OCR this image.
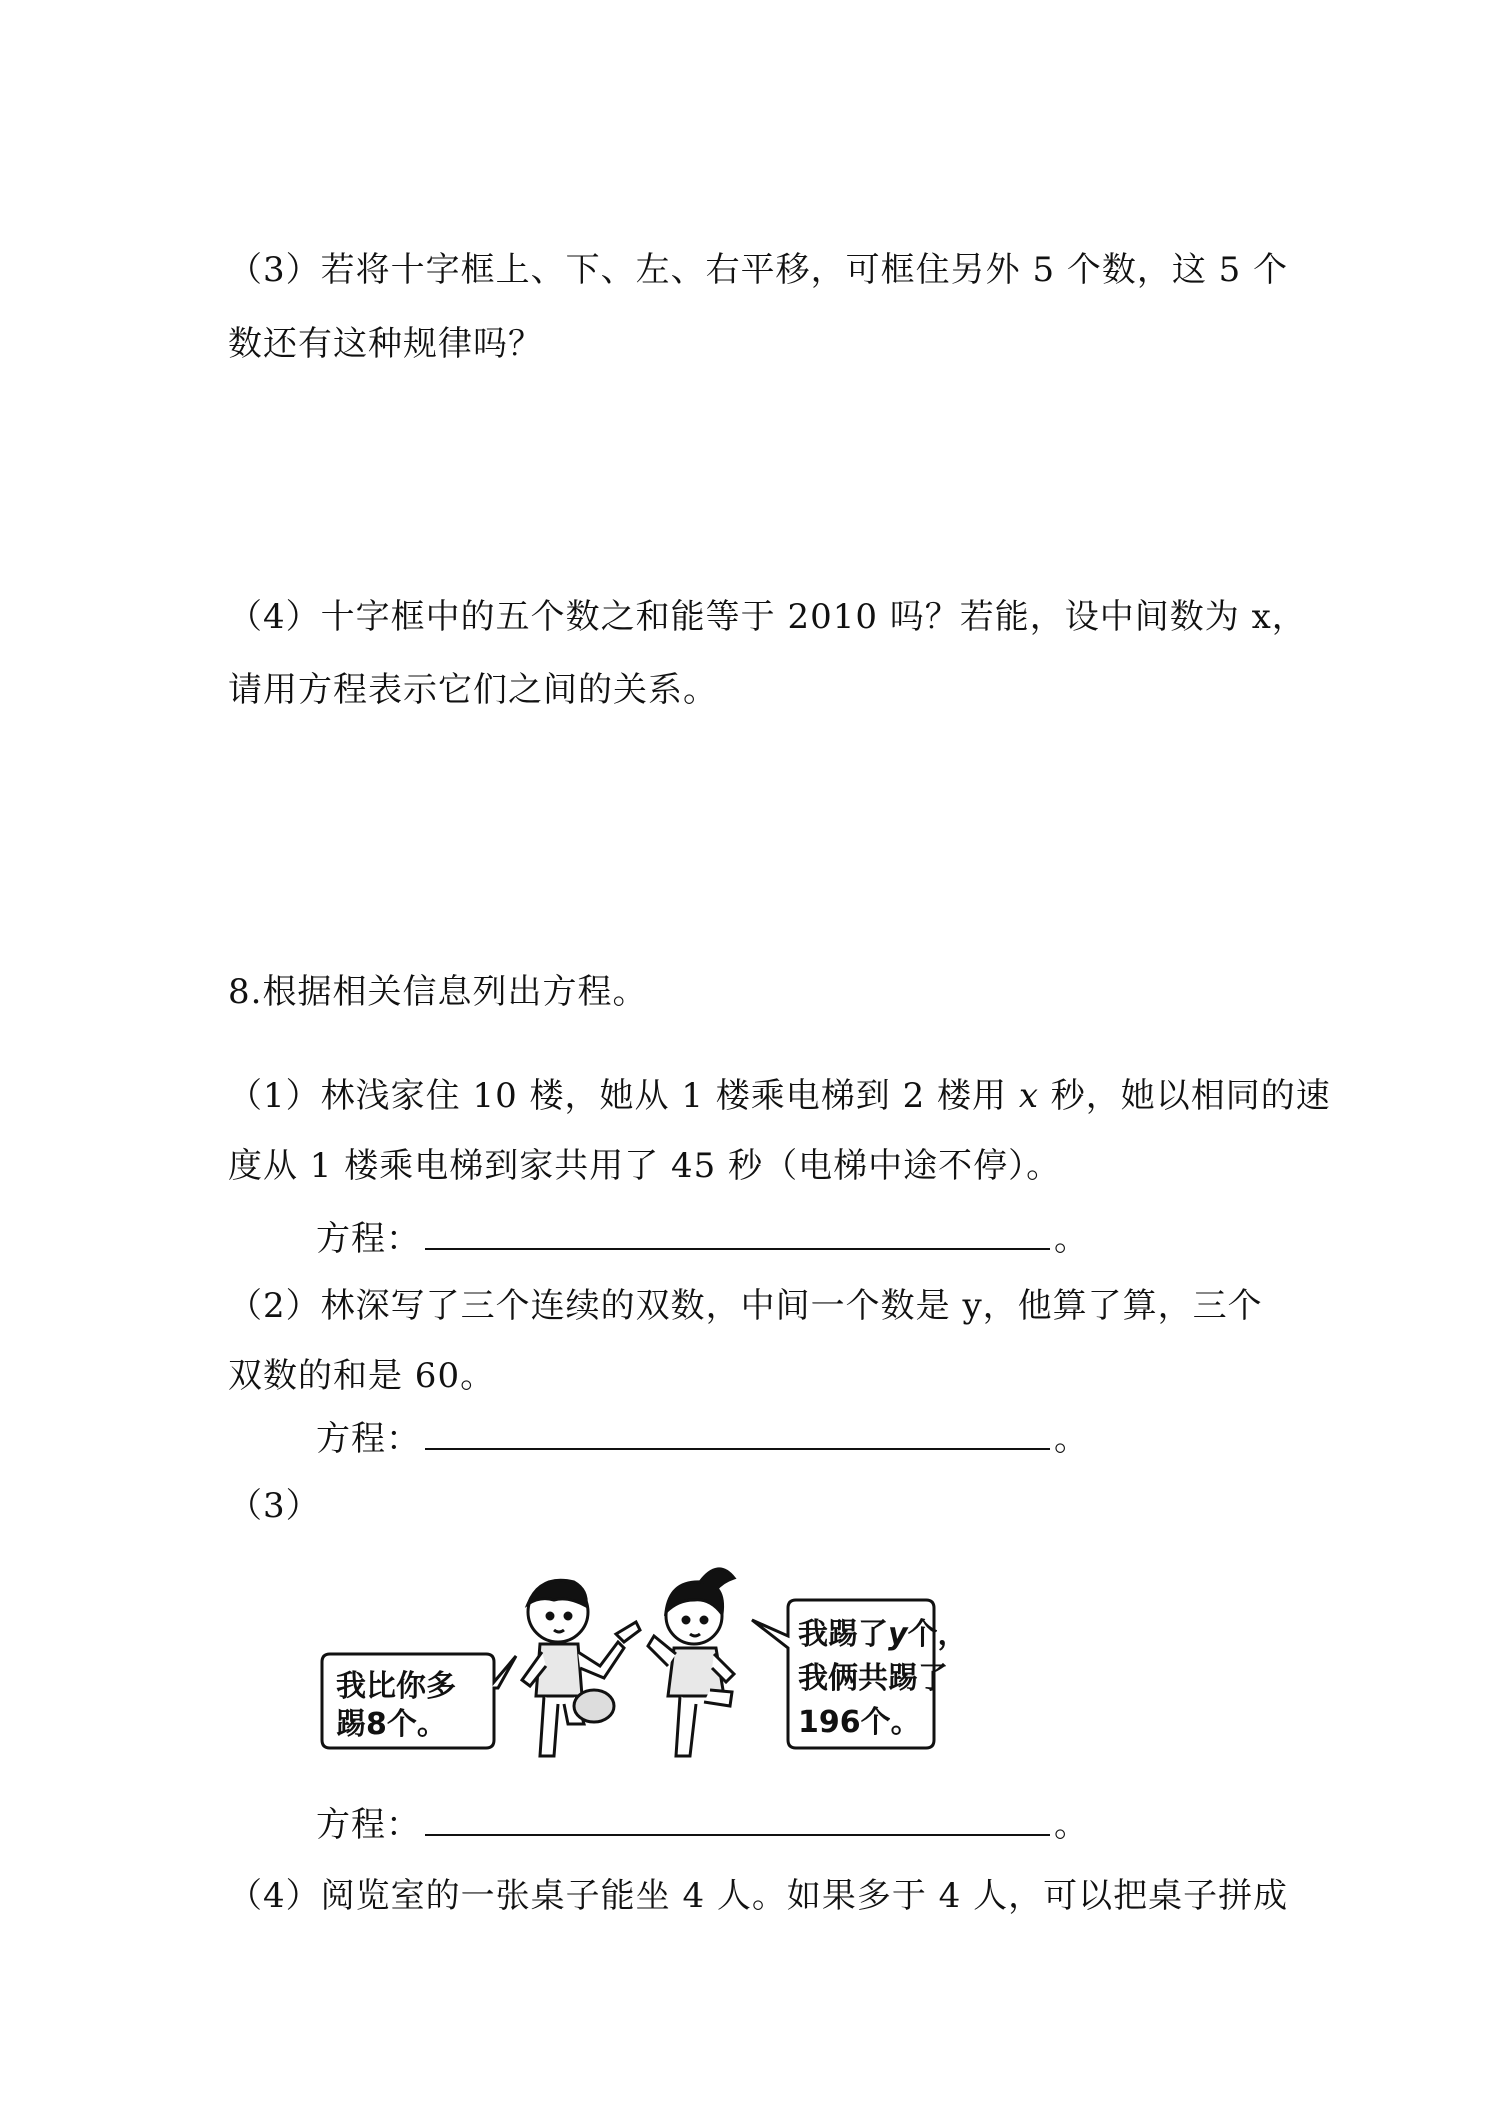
（3）若将十字框上、下、左、右平移，可框住另外 5 个数，这 5 个
数还有这种规律吗？
（4）十字框中的五个数之和能等于 2010 吗？若能，设中间数为 x，
请用方程表示它们之间的关系。
8.根据相关信息列出方程。
（1）林浅家住 10 楼，她从 1 楼乘电梯到 2 楼用 x 秒，她以相同的速
度从 1 楼乘电梯到家共用了 45 秒（电梯中途不停）。
方程：	。
（2）林深写了三个连续的双数，中间一个数是 y，他算了算，三个
双数的和是 60。
方程：	。
（3）
我比你多
踢8个。
我踢了y个，
我俩共踢了
196个。
方程：	。
（4）阅览室的一张桌子能坐 4 人。如果多于 4 人，可以把桌子拼成
